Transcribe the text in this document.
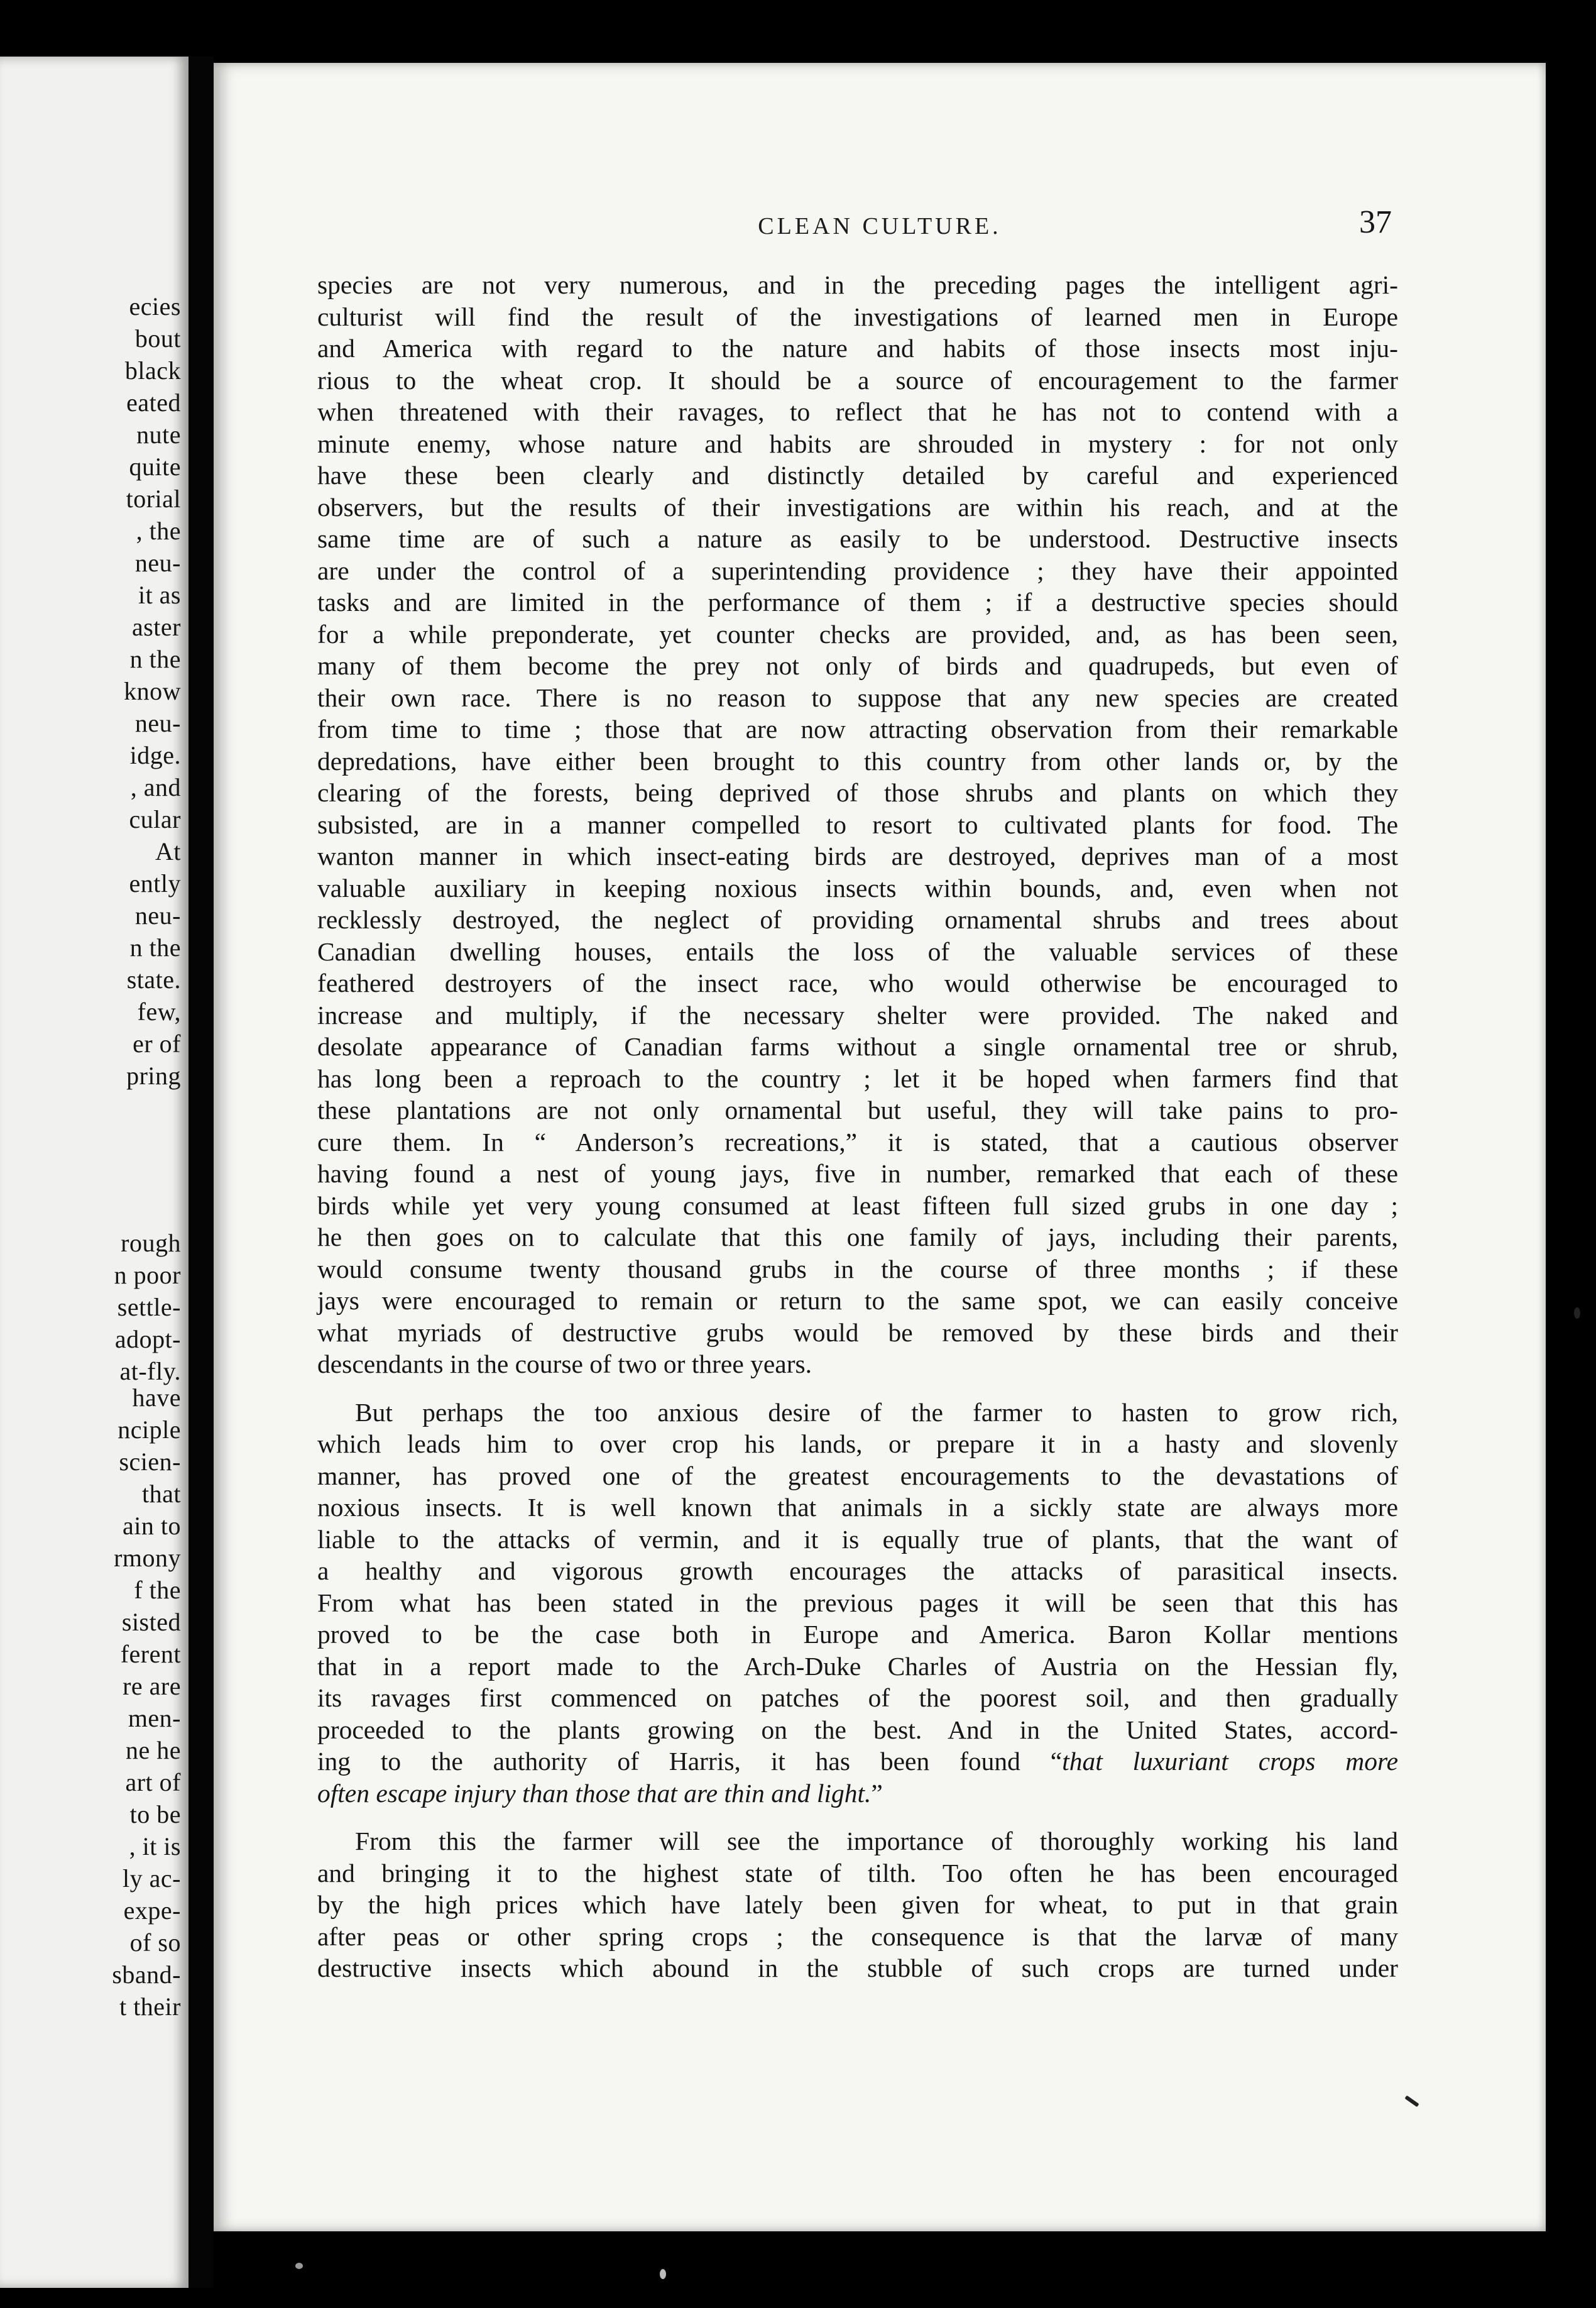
ecies
bout
black
eated
nute
quite
torial
, the
neu-
it as
aster
n the
know
neu-
idge.
, and
cular
At
ently
neu-
n the
state.
few,
er of
pring
rough
n poor
settle-
adopt-
at-fly.
have
nciple
scien-
that
ain to
rmony
f the
sisted
ferent
re are
men-
ne he
art of
to be
, it is
ly ac-
expe-
of so
sband-
t their
CLEAN CULTURE.	37
species are not very numerous, and in the preceding pages the intelligent agri-
culturist will find the result of the investigations of learned men in Europe
and America with regard to the nature and habits of those insects most inju-
rious to the wheat crop. It should be a source of encouragement to the farmer
when threatened with their ravages, to reflect that he has not to contend with a
minute enemy, whose nature and habits are shrouded in mystery : for not only
have these been clearly and distinctly detailed by careful and experienced
observers, but the results of their investigations are within his reach, and at the
same time are of such a nature as easily to be understood. Destructive insects
are under the control of a superintending providence ; they have their appointed
tasks and are limited in the performance of them ; if a destructive species should
for a while preponderate, yet counter checks are provided, and, as has been seen,
many of them become the prey not only of birds and quadrupeds, but even of
their own race. There is no reason to suppose that any new species are created
from time to time ; those that are now attracting observation from their remarkable
depredations, have either been brought to this country from other lands or, by the
clearing of the forests, being deprived of those shrubs and plants on which they
subsisted, are in a manner compelled to resort to cultivated plants for food. The
wanton manner in which insect-eating birds are destroyed, deprives man of a most
valuable auxiliary in keeping noxious insects within bounds, and, even when not
recklessly destroyed, the neglect of providing ornamental shrubs and trees about
Canadian dwelling houses, entails the loss of the valuable services of these
feathered destroyers of the insect race, who would otherwise be encouraged to
increase and multiply, if the necessary shelter were provided. The naked and
desolate appearance of Canadian farms without a single ornamental tree or shrub,
has long been a reproach to the country ; let it be hoped when farmers find that
these plantations are not only ornamental but useful, they will take pains to pro-
cure them. In “ Anderson’s recreations,” it is stated, that a cautious observer
having found a nest of young jays, five in number, remarked that each of these
birds while yet very young consumed at least fifteen full sized grubs in one day ;
he then goes on to calculate that this one family of jays, including their parents,
would consume twenty thousand grubs in the course of three months ; if these
jays were encouraged to remain or return to the same spot, we can easily conceive
what myriads of destructive grubs would be removed by these birds and their
descendants in the course of two or three years.
But perhaps the too anxious desire of the farmer to hasten to grow rich,
which leads him to over crop his lands, or prepare it in a hasty and slovenly
manner, has proved one of the greatest encouragements to the devastations of
noxious insects. It is well known that animals in a sickly state are always more
liable to the attacks of vermin, and it is equally true of plants, that the want of
a healthy and vigorous growth encourages the attacks of parasitical insects.
From what has been stated in the previous pages it will be seen that this has
proved to be the case both in Europe and America. Baron Kollar mentions
that in a report made to the Arch-Duke Charles of Austria on the Hessian fly,
its ravages first commenced on patches of the poorest soil, and then gradually
proceeded to the plants growing on the best. And in the United States, accord-
ing to the authority of Harris, it has been found “that luxuriant crops more
often escape injury than those that are thin and light.”
From this the farmer will see the importance of thoroughly working his land
and bringing it to the highest state of tilth. Too often he has been encouraged
by the high prices which have lately been given for wheat, to put in that grain
after peas or other spring crops ; the consequence is that the larvæ of many
destructive insects which abound in the stubble of such crops are turned under
